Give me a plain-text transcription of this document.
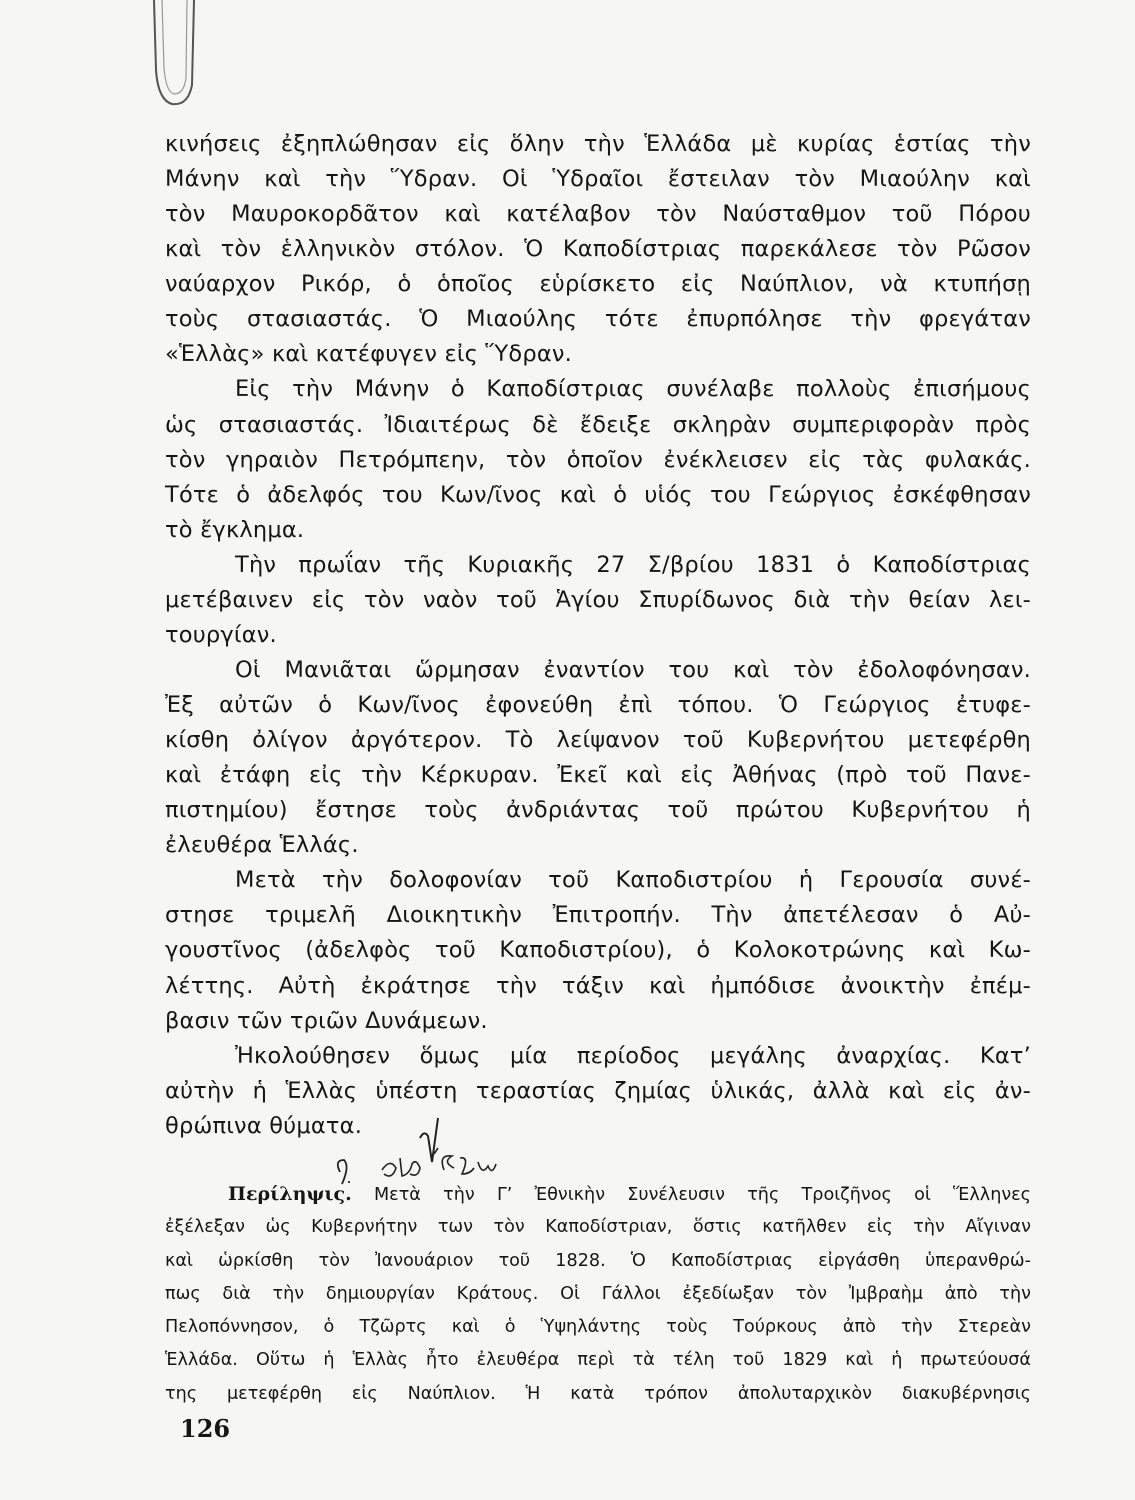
κινήσεις ἐξηπλώθησαν εἰς ὅλην τὴν Ἑλλάδα μὲ κυρίας ἑστίας τὴν
Μάνην καὶ τὴν Ὕδραν. Οἱ Ὑδραῖοι ἔστειλαν τὸν Μιαούλην καὶ
τὸν Μαυροκορδᾶτον καὶ κατέλαβον τὸν Ναύσταθμον τοῦ Πόρου
καὶ τὸν ἑλληνικὸν στόλον. Ὁ Καποδίστριας παρεκάλεσε τὸν Ρῶσον
ναύαρχον Ρικόρ, ὁ ὁποῖος εὑρίσκετο εἰς Ναύπλιον, νὰ κτυπήσῃ
τοὺς στασιαστάς. Ὁ Μιαούλης τότε ἐπυρπόλησε τὴν φρεγάταν
«Ἑλλὰς» καὶ κατέφυγεν εἰς Ὕδραν.
Εἰς τὴν Μάνην ὁ Καποδίστριας συνέλαβε πολλοὺς ἐπισήμους
ὡς στασιαστάς. Ἰδιαιτέρως δὲ ἔδειξε σκληρὰν συμπεριφορὰν πρὸς
τὸν γηραιὸν Πετρόμπεην, τὸν ὁποῖον ἐνέκλεισεν εἰς τὰς φυλακάς.
Τότε ὁ ἀδελφός του Κων/ῖνος καὶ ὁ υἱός του Γεώργιος ἐσκέφθησαν
τὸ ἔγκλημα.
Τὴν πρωΐαν τῆς Κυριακῆς 27 Σ/βρίου 1831 ὁ Καποδίστριας
μετέβαινεν εἰς τὸν ναὸν τοῦ Ἁγίου Σπυρίδωνος διὰ τὴν θείαν λει-
τουργίαν.
Οἱ Μανιᾶται ὥρμησαν ἐναντίον του καὶ τὸν ἐδολοφόνησαν.
Ἐξ αὐτῶν ὁ Κων/ῖνος ἐφονεύθη ἐπὶ τόπου. Ὁ Γεώργιος ἐτυφε-
κίσθη ὀλίγον ἀργότερον. Τὸ λείψανον τοῦ Κυβερνήτου μετεφέρθη
καὶ ἐτάφη εἰς τὴν Κέρκυραν. Ἐκεῖ καὶ εἰς Ἀθήνας (πρὸ τοῦ Πανε-
πιστημίου) ἔστησε τοὺς ἀνδριάντας τοῦ πρώτου Κυβερνήτου ἡ
ἐλευθέρα Ἑλλάς.
Μετὰ τὴν δολοφονίαν τοῦ Καποδιστρίου ἡ Γερουσία συνέ-
στησε τριμελῆ Διοικητικὴν Ἐπιτροπήν. Τὴν ἀπετέλεσαν ὁ Αὐ-
γουστῖνος (ἀδελφὸς τοῦ Καποδιστρίου), ὁ Κολοκοτρώνης καὶ Κω-
λέττης. Αὐτὴ ἐκράτησε τὴν τάξιν καὶ ἠμπόδισε ἀνοικτὴν ἐπέμ-
βασιν τῶν τριῶν Δυνάμεων.
Ἠκολούθησεν ὅμως μία περίοδος μεγάλης ἀναρχίας. Κατ’
αὐτὴν ἡ Ἑλλὰς ὑπέστη τεραστίας ζημίας ὑλικάς, ἀλλὰ καὶ εἰς ἀν-
θρώπινα θύματα.
Περίληψις. Μετὰ τὴν Γ’ Ἐθνικὴν Συνέλευσιν τῆς Τροιζῆνος οἱ Ἕλληνες
ἐξέλεξαν ὡς Κυβερνήτην των τὸν Καποδίστριαν, ὅστις κατῆλθεν εἰς τὴν Αἴγιναν
καὶ ὡρκίσθη τὸν Ἰανουάριον τοῦ 1828. Ὁ Καποδίστριας εἰργάσθη ὑπερανθρώ-
πως διὰ τὴν δημιουργίαν Κράτους. Οἱ Γάλλοι ἐξεδίωξαν τὸν Ἰμβραὴμ ἀπὸ τὴν
Πελοπόννησον, ὁ Τζῶρτς καὶ ὁ Ὑψηλάντης τοὺς Τούρκους ἀπὸ τὴν Στερεὰν
Ἑλλάδα. Οὕτω ἡ Ἑλλὰς ἦτο ἐλευθέρα περὶ τὰ τέλη τοῦ 1829 καὶ ἡ πρωτεύουσά
της μετεφέρθη εἰς Ναύπλιον. Ἡ κατὰ τρόπον ἀπολυταρχικὸν διακυβέρνησις
126
